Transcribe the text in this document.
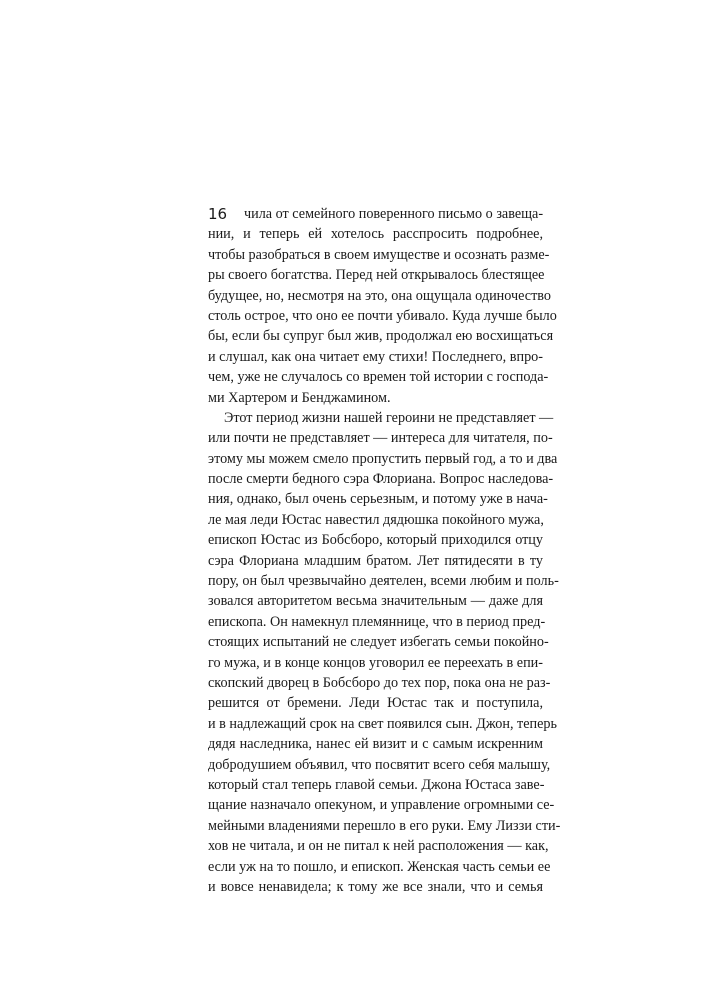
16	чила от семейного поверенного письмо о завеща-
нии, и теперь ей хотелось расспросить подробнее,
чтобы разобраться в своем имуществе и осознать разме-
ры своего богатства. Перед ней открывалось блестящее
будущее, но, несмотря на это, она ощущала одиночество
столь острое, что оно ее почти убивало. Куда лучше было
бы, если бы супруг был жив, продолжал ею восхищаться
и слушал, как она читает ему стихи! Последнего, впро-
чем, уже не случалось со времен той истории с господа-
ми Хартером и Бенджамином.
Этот период жизни нашей героини не представляет —
или почти не представляет — интереса для читателя, по-
этому мы можем смело пропустить первый год, а то и два
после смерти бедного сэра Флориана. Вопрос наследова-
ния, однако, был очень серьезным, и потому уже в нача-
ле мая леди Юстас навестил дядюшка покойного мужа,
епископ Юстас из Бобсборо, который приходился отцу
сэра Флориана младшим братом. Лет пятидесяти в ту
пору, он был чрезвычайно деятелен, всеми любим и поль-
зовался авторитетом весьма значительным — даже для
епископа. Он намекнул племяннице, что в период пред-
стоящих испытаний не следует избегать семьи покойно-
го мужа, и в конце концов уговорил ее переехать в епи-
скопский дворец в Бобсборо до тех пор, пока она не раз-
решится от бремени. Леди Юстас так и поступила,
и в надлежащий срок на свет появился сын. Джон, теперь
дядя наследника, нанес ей визит и с самым искренним
добродушием объявил, что посвятит всего себя малышу,
который стал теперь главой семьи. Джона Юстаса заве-
щание назначало опекуном, и управление огромными се-
мейными владениями перешло в его руки. Ему Лиззи сти-
хов не читала, и он не питал к ней расположения — как,
если уж на то пошло, и епископ. Женская часть семьи ее
и вовсе ненавидела; к тому же все знали, что и семья
